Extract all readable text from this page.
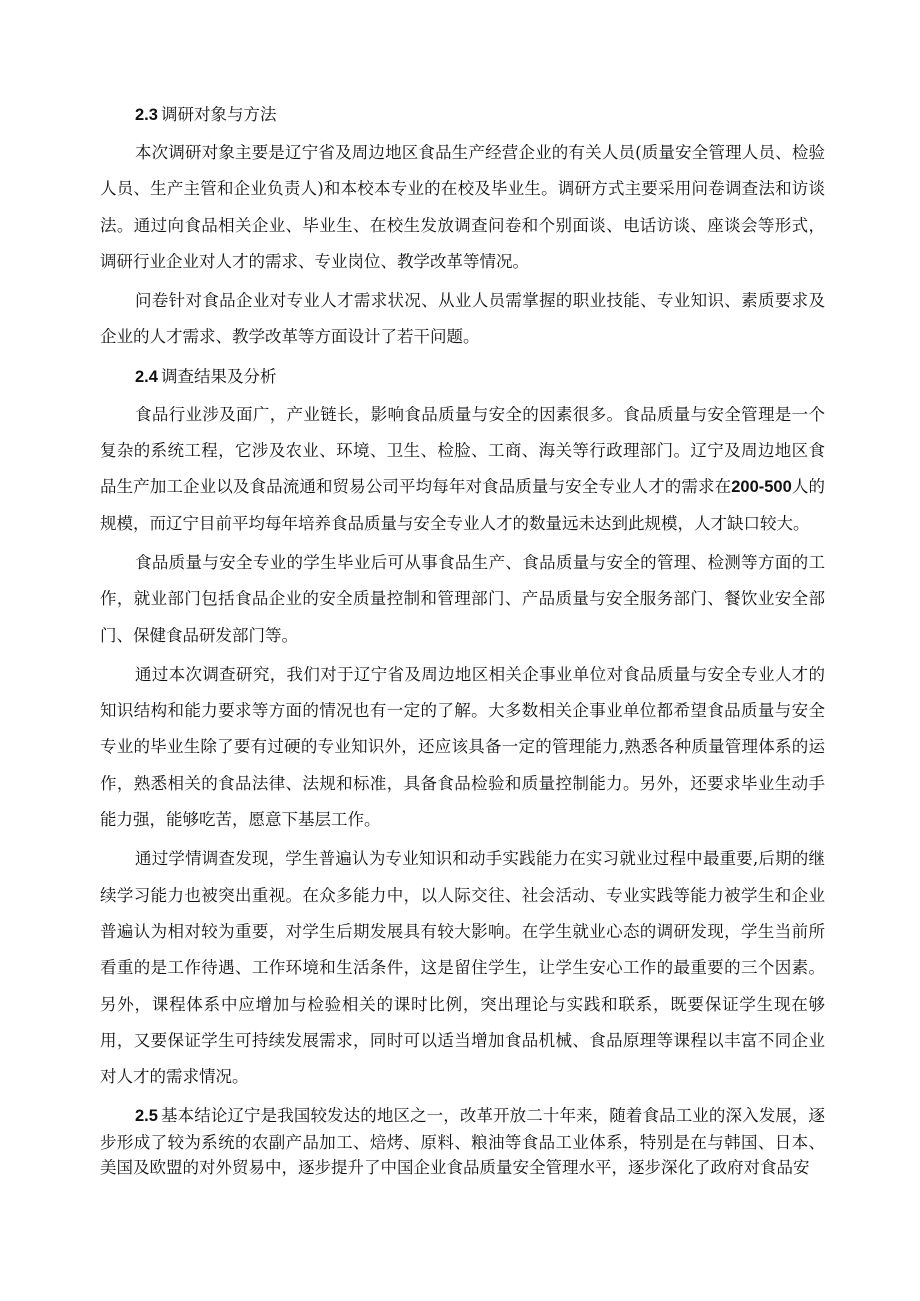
2.3 调研对象与方法

本次调研对象主要是辽宁省及周边地区食品生产经营企业的有关人员(质量安全管理人员、检验人员、生产主管和企业负责人)和本校本专业的在校及毕业生。调研方式主要采用问卷调查法和访谈法。通过向食品相关企业、毕业生、在校生发放调查问卷和个别面谈、电话访谈、座谈会等形式，调研行业企业对人才的需求、专业岗位、教学改革等情况。

问卷针对食品企业对专业人才需求状况、从业人员需掌握的职业技能、专业知识、素质要求及企业的人才需求、教学改革等方面设计了若干问题。

2.4 调查结果及分析

食品行业涉及面广，产业链长，影响食品质量与安全的因素很多。食品质量与安全管理是一个复杂的系统工程，它涉及农业、环境、卫生、检脸、工商、海关等行政理部门。辽宁及周边地区食品生产加工企业以及食品流通和贸易公司平均每年对食品质量与安全专业人才的需求在200-500人的规模，而辽宁目前平均每年培养食品质量与安全专业人才的数量远未达到此规模，人才缺口较大。

食品质量与安全专业的学生毕业后可从事食品生产、食品质量与安全的管理、检测等方面的工作，就业部门包括食品企业的安全质量控制和管理部门、产品质量与安全服务部门、餐饮业安全部门、保健食品研发部门等。

通过本次调查研究，我们对于辽宁省及周边地区相关企事业单位对食品质量与安全专业人才的知识结构和能力要求等方面的情况也有一定的了解。大多数相关企事业单位都希望食品质量与安全专业的毕业生除了要有过硬的专业知识外，还应该具备一定的管理能力,熟悉各种质量管理体系的运作，熟悉相关的食品法律、法规和标准，具备食品检验和质量控制能力。另外，还要求毕业生动手能力强，能够吃苦，愿意下基层工作。

通过学情调查发现，学生普遍认为专业知识和动手实践能力在实习就业过程中最重要,后期的继续学习能力也被突出重视。在众多能力中，以人际交往、社会活动、专业实践等能力被学生和企业普遍认为相对较为重要，对学生后期发展具有较大影响。在学生就业心态的调研发现，学生当前所看重的是工作待遇、工作环境和生活条件，这是留住学生，让学生安心工作的最重要的三个因素。另外，课程体系中应增加与检验相关的课时比例，突出理论与实践和联系，既要保证学生现在够用，又要保证学生可持续发展需求，同时可以适当增加食品机械、食品原理等课程以丰富不同企业对人才的需求情况。

2.5 基本结论辽宁是我国较发达的地区之一，改革开放二十年来，随着食品工业的深入发展，逐步形成了较为系统的农副产品加工、焙烤、原料、粮油等食品工业体系，特别是在与韩国、日本、美国及欧盟的对外贸易中，逐步提升了中国企业食品质量安全管理水平，逐步深化了政府对食品安
